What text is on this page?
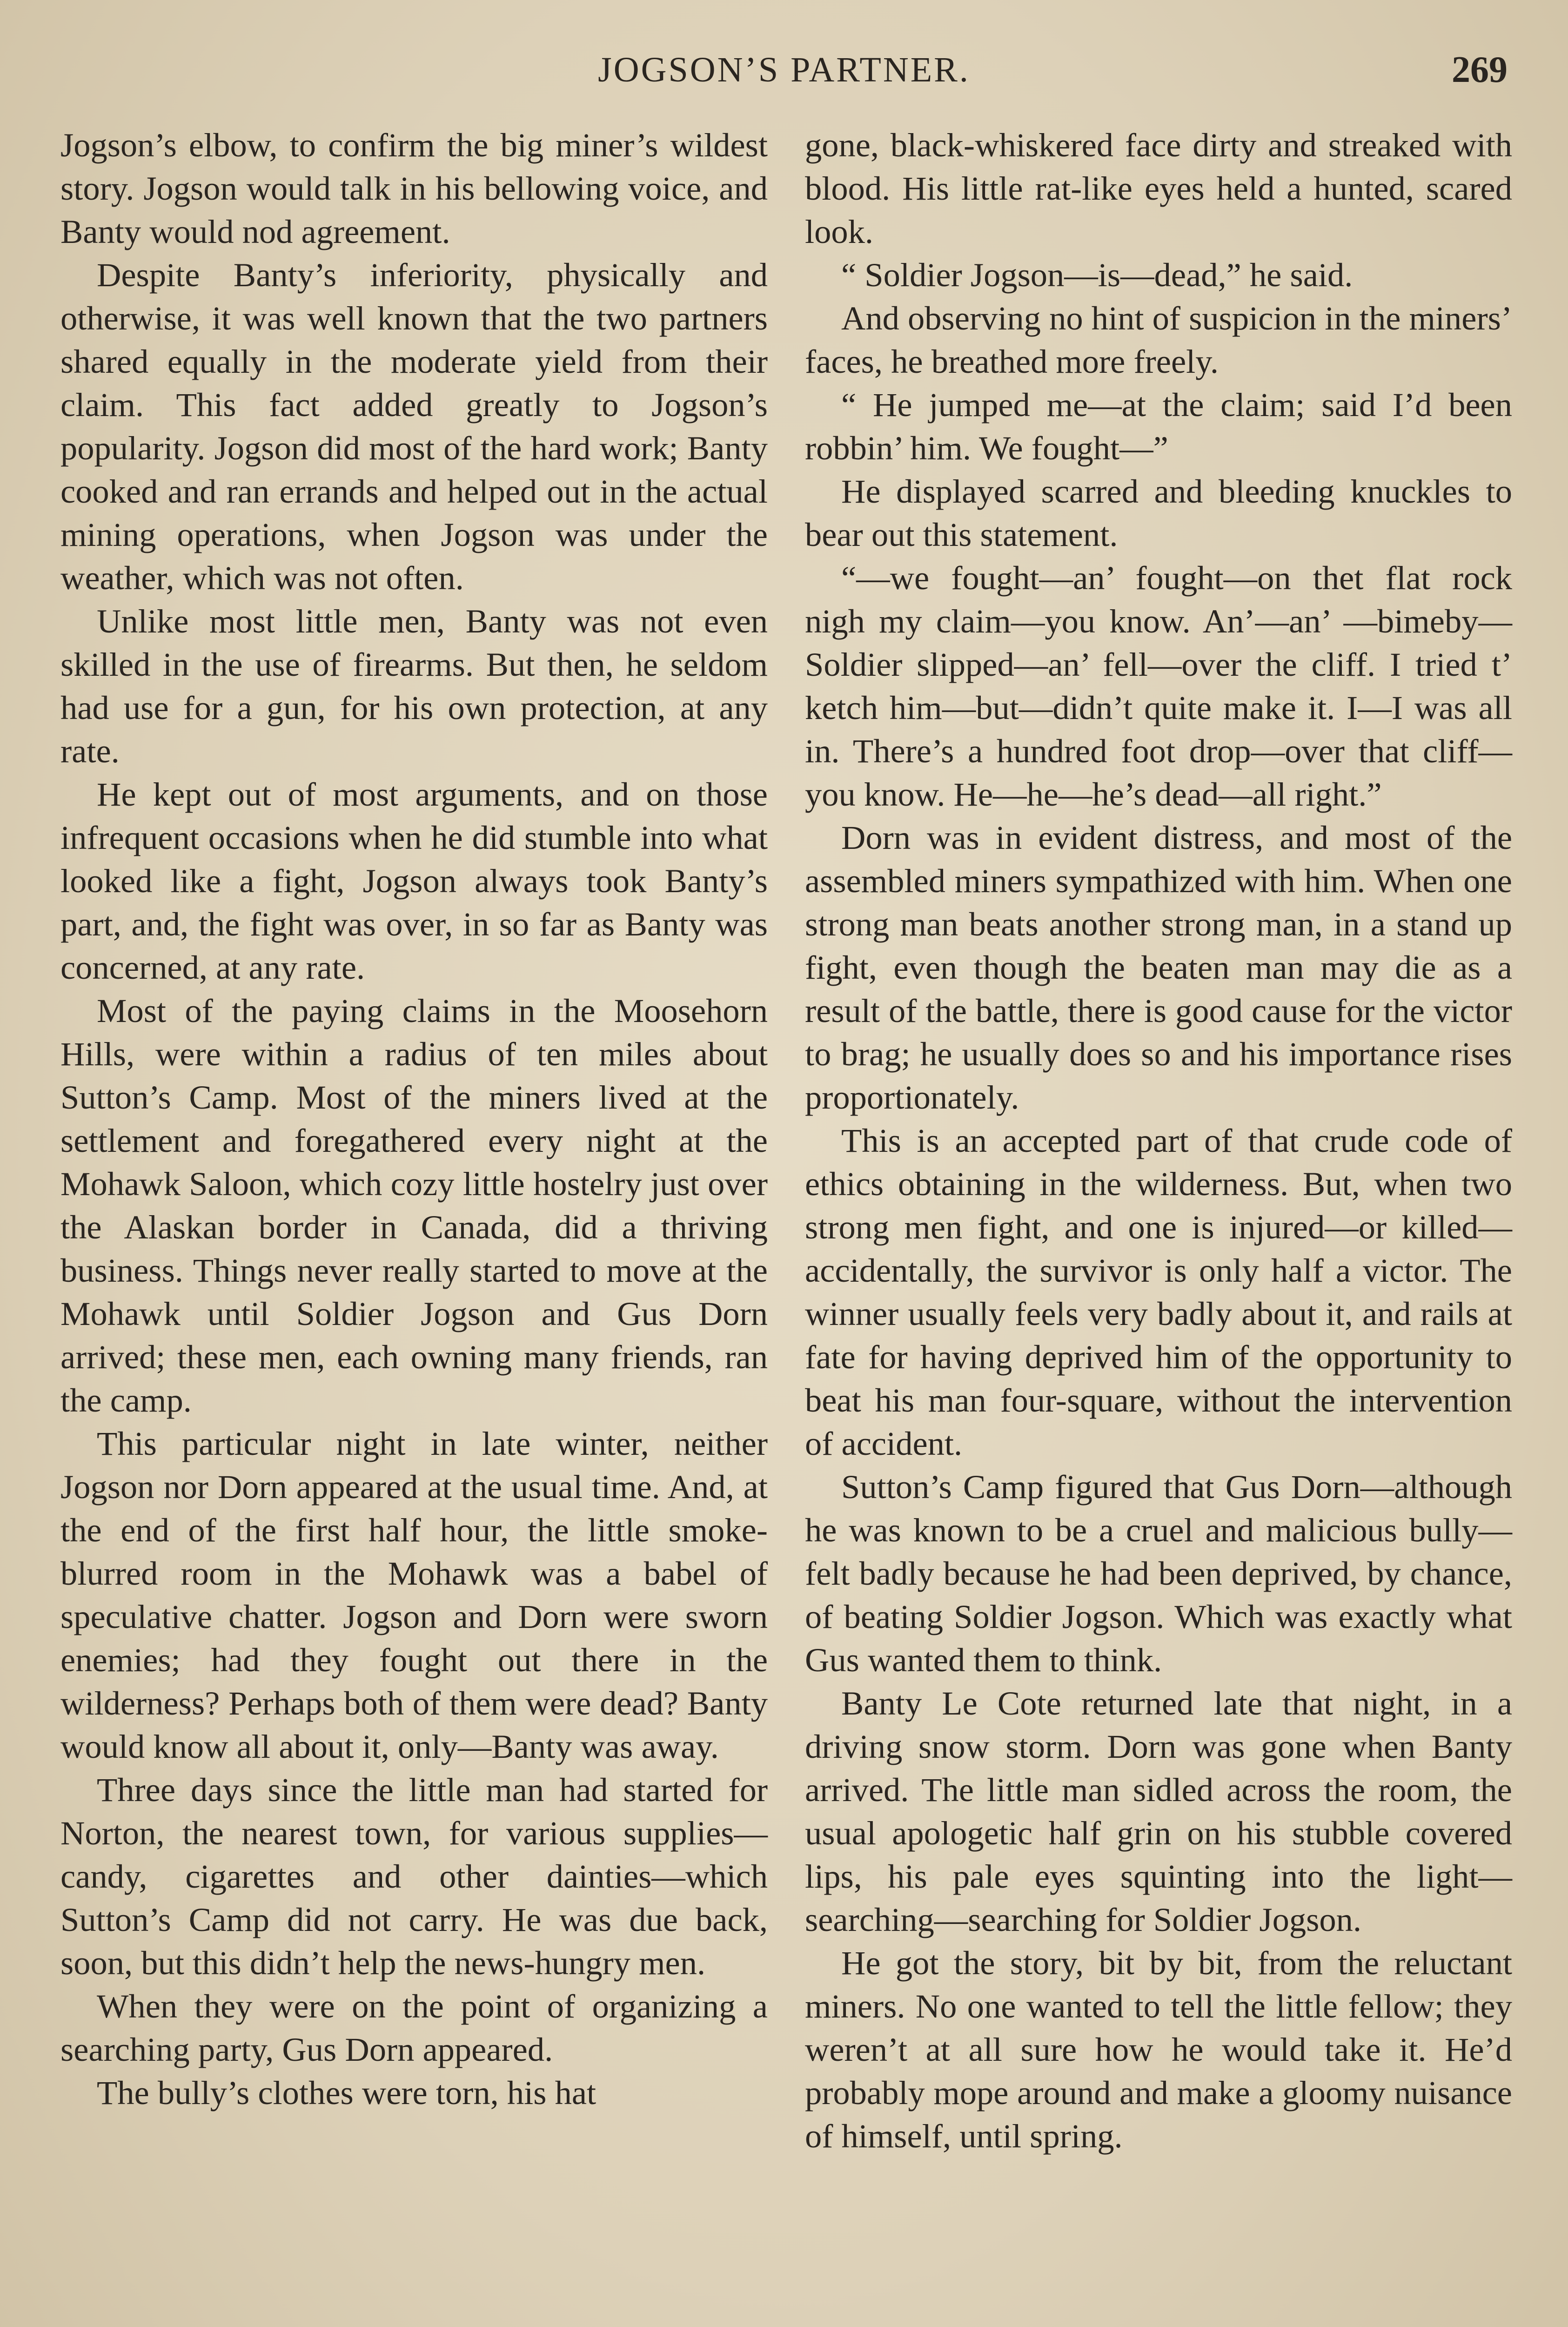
JOGSON’S PARTNER.	269

Jogson’s elbow, to confirm the big miner’s wildest story. Jogson would talk in his bellowing voice, and Banty would nod agreement.

Despite Banty’s inferiority, physically and otherwise, it was well known that the two partners shared equally in the moderate yield from their claim. This fact added greatly to Jogson’s popularity. Jogson did most of the hard work; Banty cooked and ran errands and helped out in the actual mining operations, when Jogson was under the weather, which was not often.

Unlike most little men, Banty was not even skilled in the use of firearms. But then, he seldom had use for a gun, for his own protection, at any rate.

He kept out of most arguments, and on those infrequent occasions when he did stumble into what looked like a fight, Jogson always took Banty’s part, and, the fight was over, in so far as Banty was concerned, at any rate.

Most of the paying claims in the Moosehorn Hills, were within a radius of ten miles about Sutton’s Camp. Most of the miners lived at the settlement and foregathered every night at the Mohawk Saloon, which cozy little hostelry just over the Alaskan border in Canada, did a thriving business. Things never really started to move at the Mohawk until Soldier Jogson and Gus Dorn arrived; these men, each owning many friends, ran the camp.

This particular night in late winter, neither Jogson nor Dorn appeared at the usual time. And, at the end of the first half hour, the little smoke-blurred room in the Mohawk was a babel of speculative chatter. Jogson and Dorn were sworn enemies; had they fought out there in the wilderness? Perhaps both of them were dead? Banty would know all about it, only—Banty was away.

Three days since the little man had started for Norton, the nearest town, for various supplies—candy, cigarettes and other dainties—which Sutton’s Camp did not carry. He was due back, soon, but this didn’t help the news-hungry men.

When they were on the point of organizing a searching party, Gus Dorn appeared.

The bully’s clothes were torn, his hat

gone, black-whiskered face dirty and streaked with blood. His little rat-like eyes held a hunted, scared look.

“ Soldier Jogson—is—dead,” he said.

And observing no hint of suspicion in the miners’ faces, he breathed more freely.

“ He jumped me—at the claim; said I’d been robbin’ him. We fought—”

He displayed scarred and bleeding knuckles to bear out this statement.

“—we fought—an’ fought—on thet flat rock nigh my claim—you know. An’—an’ —bimeby—Soldier slipped—an’ fell—over the cliff. I tried t’ ketch him—but—didn’t quite make it. I—I was all in. There’s a hundred foot drop—over that cliff—you know. He—he—he’s dead—all right.”

Dorn was in evident distress, and most of the assembled miners sympathized with him. When one strong man beats another strong man, in a stand up fight, even though the beaten man may die as a result of the battle, there is good cause for the victor to brag; he usually does so and his importance rises proportionately.

This is an accepted part of that crude code of ethics obtaining in the wilderness. But, when two strong men fight, and one is injured—or killed—accidentally, the survivor is only half a victor. The winner usually feels very badly about it, and rails at fate for having deprived him of the opportunity to beat his man four-square, without the intervention of accident.

Sutton’s Camp figured that Gus Dorn—although he was known to be a cruel and malicious bully—felt badly because he had been deprived, by chance, of beating Soldier Jogson. Which was exactly what Gus wanted them to think.

Banty Le Cote returned late that night, in a driving snow storm. Dorn was gone when Banty arrived. The little man sidled across the room, the usual apologetic half grin on his stubble covered lips, his pale eyes squinting into the light—searching—searching for Soldier Jogson.

He got the story, bit by bit, from the reluctant miners. No one wanted to tell the little fellow; they weren’t at all sure how he would take it. He’d probably mope around and make a gloomy nuisance of himself, until spring.
